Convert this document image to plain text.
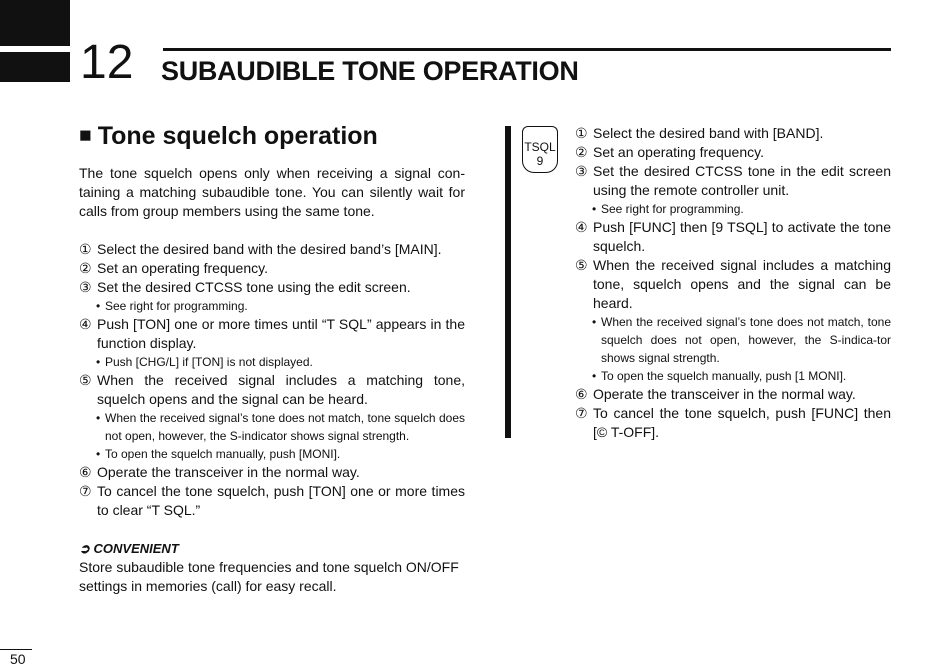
12 SUBAUDIBLE TONE OPERATION
■ Tone squelch operation
The tone squelch opens only when receiving a signal con-taining a matching subaudible tone. You can silently wait for calls from group members using the same tone.
① Select the desired band with the desired band’s [MAIN].
② Set an operating frequency.
③ Set the desired CTCSS tone using the edit screen.
• See right for programming.
④ Push [TON] one or more times until “T SQL” appears in the function display.
• Push [CHG/L] if [TON] is not displayed.
⑤ When the received signal includes a matching tone, squelch opens and the signal can be heard.
• When the received signal’s tone does not match, tone squelch does not open, however, the S-indicator shows signal strength.
• To open the squelch manually, push [MONI].
⑥ Operate the transceiver in the normal way.
⑦ To cancel the tone squelch, push [TON] one or more times to clear “T SQL.”
➲ CONVENIENT
Store subaudible tone frequencies and tone squelch ON/OFF settings in memories (call) for easy recall.
TSQL
9
① Select the desired band with [BAND].
② Set an operating frequency.
③ Set the desired CTCSS tone in the edit screen using the remote controller unit.
• See right for programming.
④ Push [FUNC] then [9 TSQL] to activate the tone squelch.
⑤ When the received signal includes a matching tone, squelch opens and the signal can be heard.
• When the received signal’s tone does not match, tone squelch does not open, however, the S-indica-tor shows signal strength.
• To open the squelch manually, push [1 MONI].
⑥ Operate the transceiver in the normal way.
⑦ To cancel the tone squelch, push [FUNC] then [© T-OFF].
50
